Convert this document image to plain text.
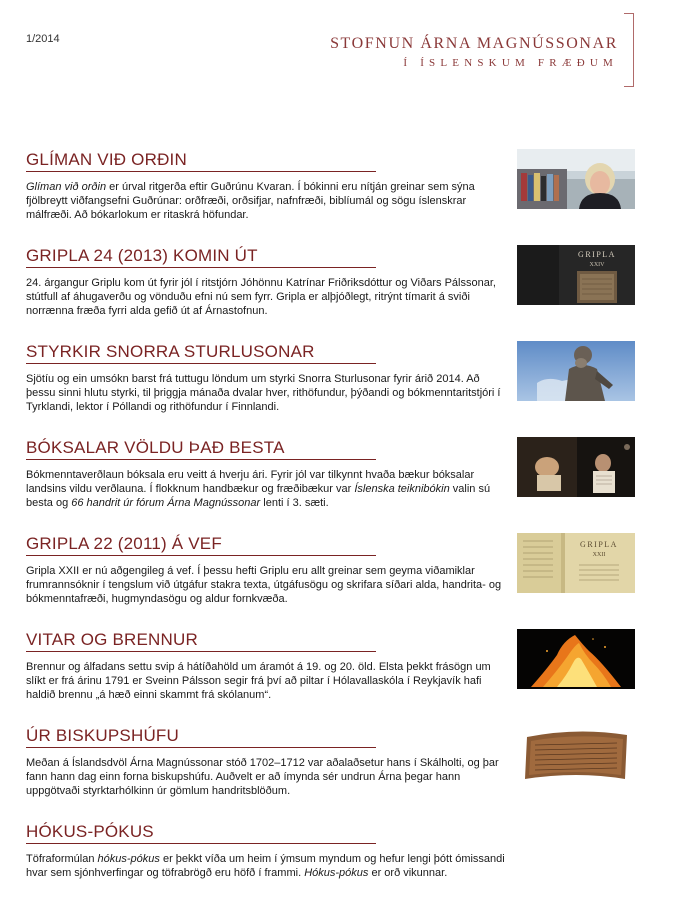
1/2014	STOFNUN ÁRNA MAGNÚSSONAR
Í ÍSLENSKUM FRÆÐUM
GLÍMAN VIÐ ORÐIN

Glíman við orðin er úrval ritgerða eftir Guðrúnu Kvaran. Í bókinni eru nítján greinar sem sýna fjölbreytt viðfangsefni Guðrúnar: orðfræði, orðsifjar, nafnfræði, biblíumál og sögu íslenskrar málfræði. Að bókarlokum er ritaskrá höfundar.

GRIPLA 24 (2013) KOMIN ÚT

24. árgangur Griplu kom út fyrir jól í ritstjórn Jóhönnu Katrínar Friðriksdóttur og Viðars Pálssonar, stútfull af áhugaverðu og vönduðu efni nú sem fyrr. Gripla er alþjóðlegt, ritrýnt tímarit á sviði norrænna fræða fyrri alda gefið út af Árnastofnun.

GRIPLA
XXIV
STYRKIR SNORRA STURLUSONAR

Sjötíu og ein umsókn barst frá tuttugu löndum um styrki Snorra Sturlusonar fyrir árið 2014. Að þessu sinni hlutu styrki, til þriggja mánaða dvalar hver, rithöfundur, þýðandi og bókmenntaritstjóri í Tyrklandi, lektor í Póllandi og rithöfundur í Finnlandi.

BÓKSALAR VÖLDU ÞAÐ BESTA

Bókmenntaverðlaun bóksala eru veitt á hverju ári. Fyrir jól var tilkynnt hvaða bækur bóksalar landsins vildu verðlauna. Í flokknum handbækur og fræðibækur var Íslenska teiknibókin valin sú besta og 66 handrit úr fórum Árna Magnússonar lenti í 3. sæti.

GRIPLA 22 (2011) Á VEF

Gripla XXII er nú aðgengileg á vef. Í þessu hefti Griplu eru allt greinar sem geyma viðamiklar frumrannsóknir í tengslum við útgáfur stakra texta, útgáfusögu og skrifara síðari alda, handrita- og bókmenntafræði, hugmyndasögu og aldur fornkvæða.

GRIPLA
XXII
VITAR OG BRENNUR

Brennur og álfadans settu svip á hátíðahöld um áramót á 19. og 20. öld. Elsta þekkt frásögn um slíkt er frá árinu 1791 er Sveinn Pálsson segir frá því að piltar í Hólavallaskóla í Reykjavík hafi haldið brennu „á hæð einni skammt frá skólanum“.

ÚR BISKUPSHÚFU

Meðan á Íslandsdvöl Árna Magnússonar stóð 1702–1712 var aðalaðsetur hans í Skálholti, og þar fann hann dag einn forna biskupshúfu. Auðvelt er að ímynda sér undrun Árna þegar hann uppgötvaði styrktarhólkinn úr gömlum handritsblöðum.

HÓKUS-PÓKUS

Töfraformúlan hókus-pókus er þekkt víða um heim í ýmsum myndum og hefur lengi þótt ómissandi hvar sem sjónhverfingar og töfrabrögð eru höfð í frammi. Hókus-pókus er orð vikunnar.
